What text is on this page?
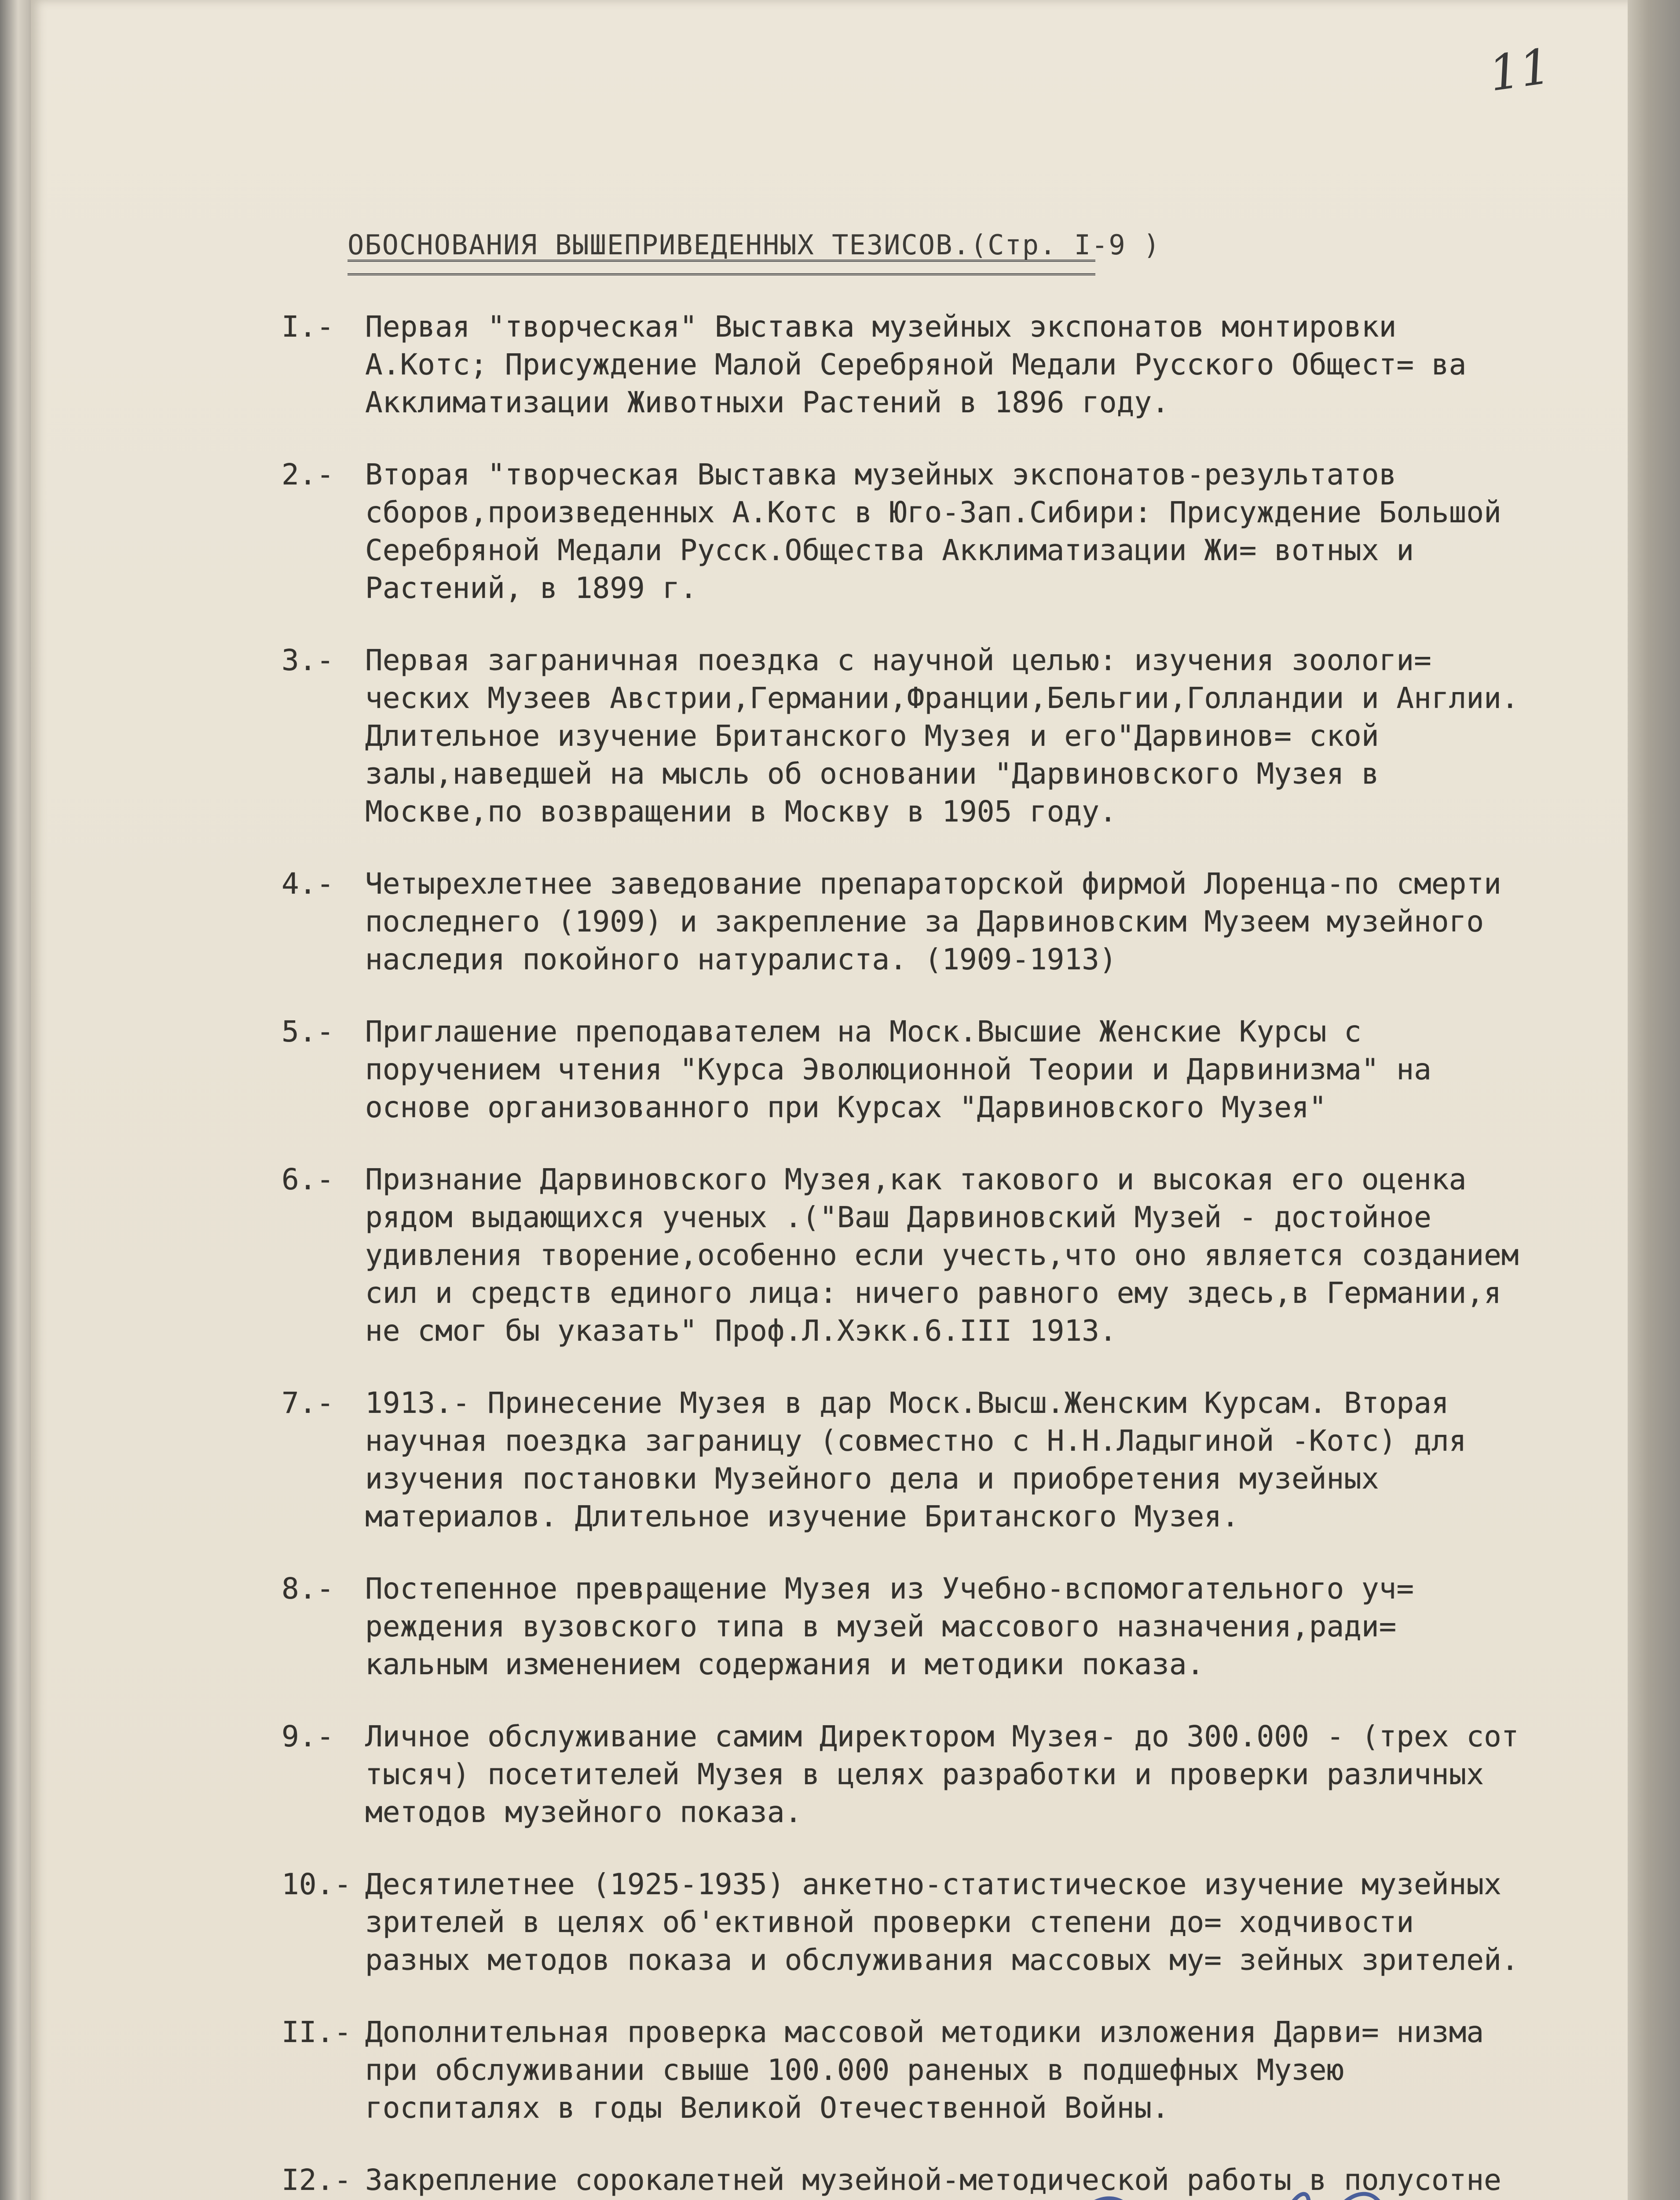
11
ОБОСНОВАНИЯ ВЫШЕПРИВЕДЕННЫХ ТЕЗИСОВ.(Стр. I-9 )
I.-	Первая "творческая" Выставка музейных экспонатов монтировки А.Котс; Присуждение Малой Серебряной Медали Русского Общест= ва Акклиматизации Животныхи Растений в 1896 году.
2.-	Вторая "творческая Выставка музейных экспонатов-результатов сборов,произведенных А.Котс в Юго-Зап.Сибири: Присуждение Большой Серебряной Медали Русск.Общества Акклиматизации Жи= вотных и Растений, в 1899 г.
3.-	Первая заграничная поездка с научной целью: изучения зоологи= ческих Музеев Австрии,Германии,Франции,Бельгии,Голландии и Англии. Длительное изучение Британского Музея и его"Дарвинов= ской залы,наведшей на мысль об основании "Дарвиновского Музея в Москве,по возвращении в Москву в 1905 году.
4.-	Четырехлетнее заведование препараторской фирмой Лоренца-по смерти последнего (1909) и закрепление за Дарвиновским Музеем музейного наследия покойного натуралиста. (1909-1913)
5.-	Приглашение преподавателем на Моск.Высшие Женские Курсы с поручением чтения "Курса Эволюционной Теории и Дарвинизма" на основе организованного при Курсах "Дарвиновского Музея"
6.-	Признание Дарвиновского Музея,как такового и высокая его оценка рядом выдающихся ученых .("Ваш Дарвиновский Музей - достойное удивления творение,особенно если учесть,что оно является созданием сил и средств единого лица: ничего равного ему здесь,в Германии,я не смог бы указать" Проф.Л.Хэкк.6.III 1913.
7.-	1913.- Принесение Музея в дар Моск.Высш.Женским Курсам. Вторая научная поездка заграницу (совместно с Н.Н.Ладыгиной -Котс) для изучения постановки Музейного дела и приобретения музейных материалов. Длительное изучение Британского Музея.
8.-	Постепенное превращение Музея из Учебно-вспомогательного уч= реждения вузовского типа в музей массового назначения,ради= кальным изменением содержания и методики показа.
9.-	Личное обслуживание самим Директором Музея- до 300.000 - (трех сот тысяч) посетителей Музея в целях разработки и проверки различных методов музейного показа.
10.- Десятилетнее (1925-1935) анкетно-статистическое изучение музейных зрителей в целях об'ективной проверки степени до= ходчивости разных методов показа и обслуживания массовых му= зейных зрителей.
II.- Дополнительная проверка массовой методики изложения Дарви= низма при обслуживании свыше 100.000 раненых в подшефных Музею госпиталях в годы Великой Отечественной Войны.
I2.- Закрепление сорокалетней музейной-методической работы в полусотне
